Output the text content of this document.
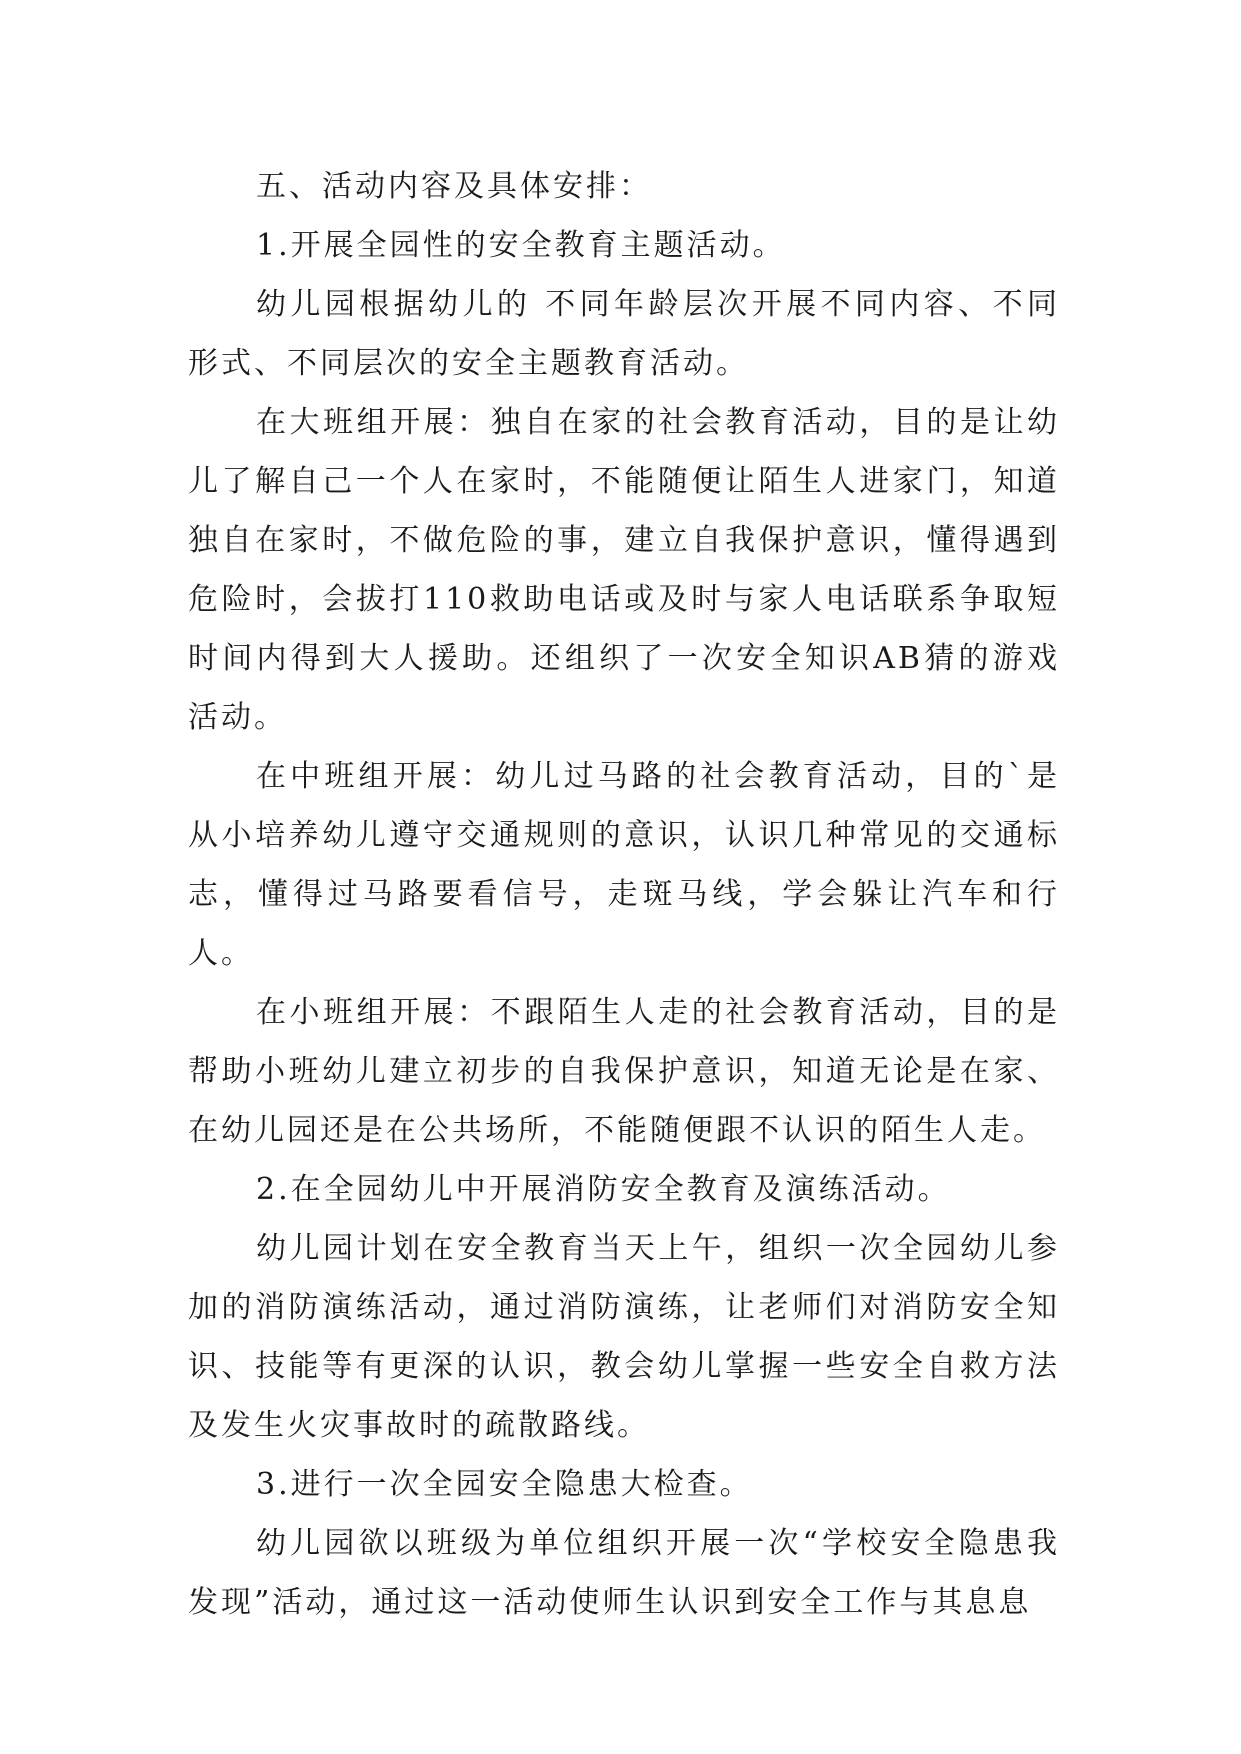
五、活动内容及具体安排：

1.开展全园性的安全教育主题活动。

幼儿园根据幼儿的 不同年龄层次开展不同内容、不同形式、不同层次的安全主题教育活动。

在大班组开展：独自在家的社会教育活动，目的是让幼儿了解自己一个人在家时，不能随便让陌生人进家门，知道独自在家时，不做危险的事，建立自我保护意识，懂得遇到危险时，会拔打110救助电话或及时与家人电话联系争取短时间内得到大人援助。还组织了一次安全知识AB猜的游戏活动。

在中班组开展：幼儿过马路的社会教育活动，目的`是从小培养幼儿遵守交通规则的意识，认识几种常见的交通标志，懂得过马路要看信号，走斑马线，学会躲让汽车和行人。

在小班组开展：不跟陌生人走的社会教育活动，目的是帮助小班幼儿建立初步的自我保护意识，知道无论是在家、在幼儿园还是在公共场所，不能随便跟不认识的陌生人走。

2.在全园幼儿中开展消防安全教育及演练活动。

幼儿园计划在安全教育当天上午，组织一次全园幼儿参加的消防演练活动，通过消防演练，让老师们对消防安全知识、技能等有更深的认识，教会幼儿掌握一些安全自救方法及发生火灾事故时的疏散路线。

3.进行一次全园安全隐患大检查。

幼儿园欲以班级为单位组织开展一次“学校安全隐患我发现”活动，通过这一活动使师生认识到安全工作与其息息
